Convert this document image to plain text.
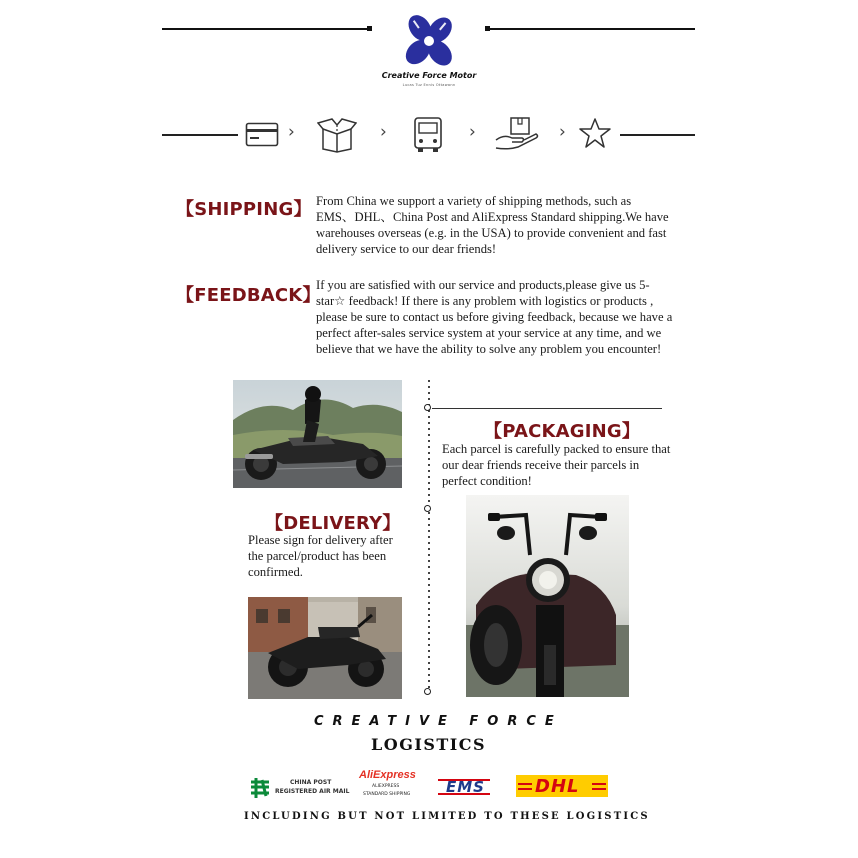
Creative Force Motor
Lucas Tuz Ennis Ottawann
›	›	›	›
【SHIPPING】 From China we support a variety of shipping methods, such as EMS、DHL、China Post and AliExpress Standard shipping.We have warehouses overseas (e.g. in the USA) to provide convenient and fast delivery service to our dear friends!
【FEEDBACK】
If you are satisfied with our service and products,please give us 5-star☆ feedback! If there is any problem with logistics or products , please be sure to contact us before giving feedback, because we have a perfect after-sales service system at your service at any time, and we believe that we have the ability to solve any problem you encounter!
【PACKAGING】
Each parcel is carefully packed to ensure that our dear friends receive their parcels in perfect condition!
【DELIVERY】
Please sign for delivery after the parcel/product has been confirmed.
CREATIVE FORCE
LOGISTICS
CHINA POST
REGISTERED AIR MAIL
AliExpress
ALIEXPRESS
STANDARD SHIPPING EMS	DHL
INCLUDING BUT NOT LIMITED TO THESE LOGISTICS
